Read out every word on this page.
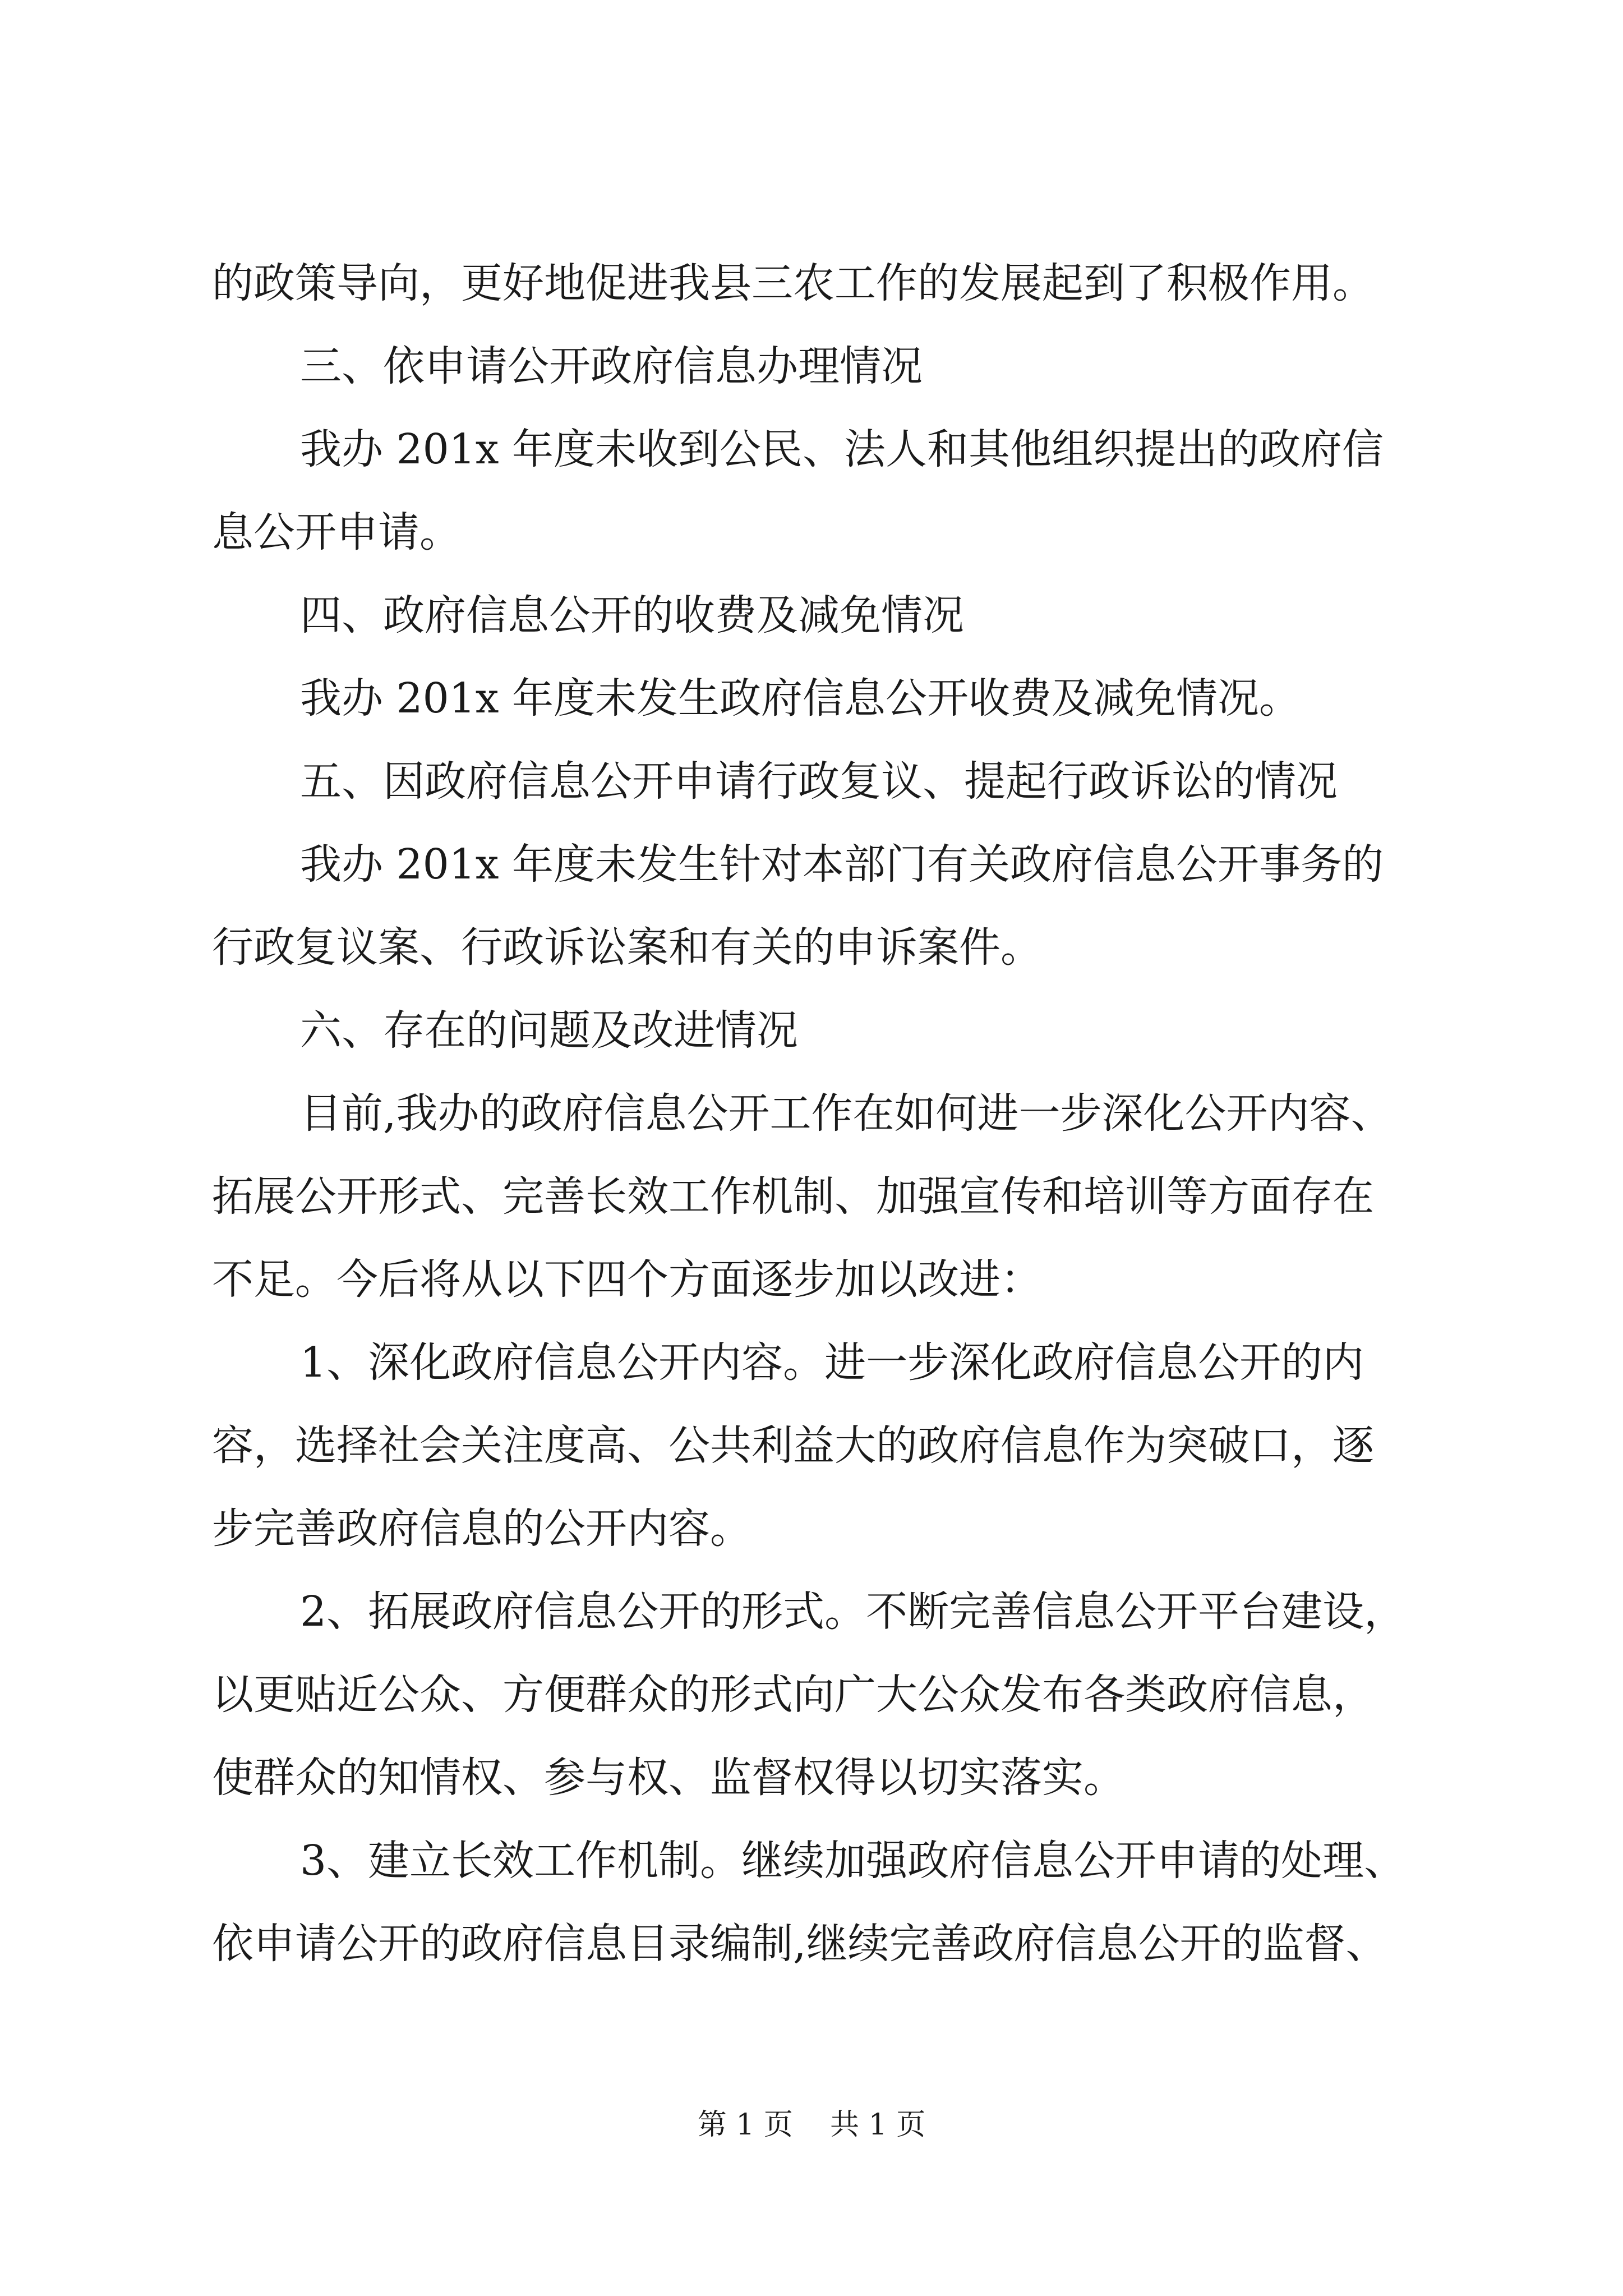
的政策导向，更好地促进我县三农工作的发展起到了积极作用。

三、依申请公开政府信息办理情况

我办 201x 年度未收到公民、法人和其他组织提出的政府信

息公开申请。

四、政府信息公开的收费及减免情况

我办 201x 年度未发生政府信息公开收费及减免情况。

五、因政府信息公开申请行政复议、提起行政诉讼的情况

我办 201x 年度未发生针对本部门有关政府信息公开事务的

行政复议案、行政诉讼案和有关的申诉案件。

六、存在的问题及改进情况

目前,我办的政府信息公开工作在如何进一步深化公开内容、

拓展公开形式、完善长效工作机制、加强宣传和培训等方面存在

不足。今后将从以下四个方面逐步加以改进：

1、深化政府信息公开内容。进一步深化政府信息公开的内

容，选择社会关注度高、公共利益大的政府信息作为突破口，逐

步完善政府信息的公开内容。

2、拓展政府信息公开的形式。不断完善信息公开平台建设，

以更贴近公众、方便群众的形式向广大公众发布各类政府信息，

使群众的知情权、参与权、监督权得以切实落实。

3、建立长效工作机制。继续加强政府信息公开申请的处理、

依申请公开的政府信息目录编制,继续完善政府信息公开的监督、

第 1 页 共 1 页
